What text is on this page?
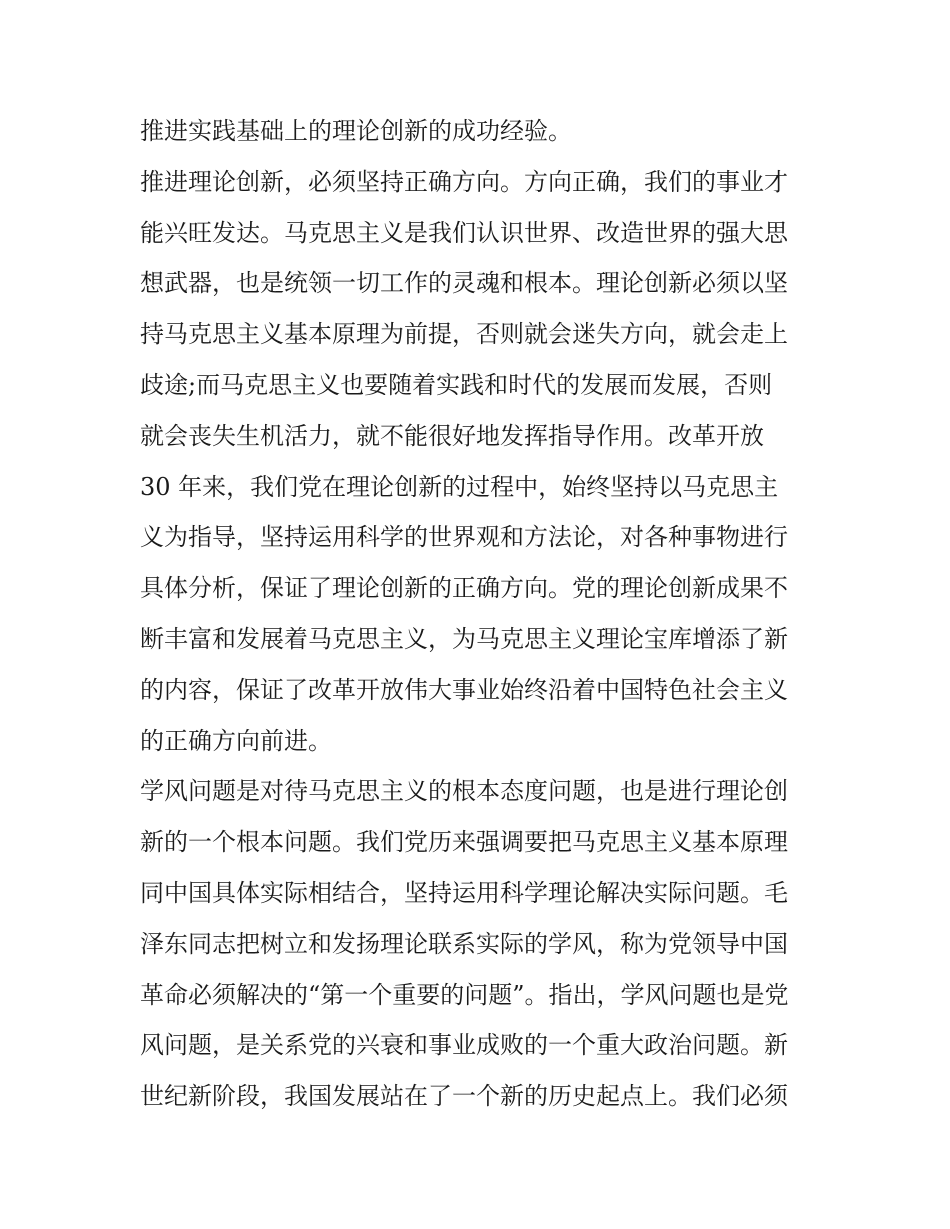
推进实践基础上的理论创新的成功经验。
推进理论创新，必须坚持正确方向。方向正确，我们的事业才
能兴旺发达。马克思主义是我们认识世界、改造世界的强大思
想武器，也是统领一切工作的灵魂和根本。理论创新必须以坚
持马克思主义基本原理为前提，否则就会迷失方向，就会走上
歧途;而马克思主义也要随着实践和时代的发展而发展，否则
就会丧失生机活力，就不能很好地发挥指导作用。改革开放
30 年来，我们党在理论创新的过程中，始终坚持以马克思主
义为指导，坚持运用科学的世界观和方法论，对各种事物进行
具体分析，保证了理论创新的正确方向。党的理论创新成果不
断丰富和发展着马克思主义，为马克思主义理论宝库增添了新
的内容，保证了改革开放伟大事业始终沿着中国特色社会主义
的正确方向前进。
学风问题是对待马克思主义的根本态度问题，也是进行理论创
新的一个根本问题。我们党历来强调要把马克思主义基本原理
同中国具体实际相结合，坚持运用科学理论解决实际问题。毛
泽东同志把树立和发扬理论联系实际的学风，称为党领导中国
革命必须解决的“第一个重要的问题”。指出，学风问题也是党
风问题，是关系党的兴衰和事业成败的一个重大政治问题。新
世纪新阶段，我国发展站在了一个新的历史起点上。我们必须
